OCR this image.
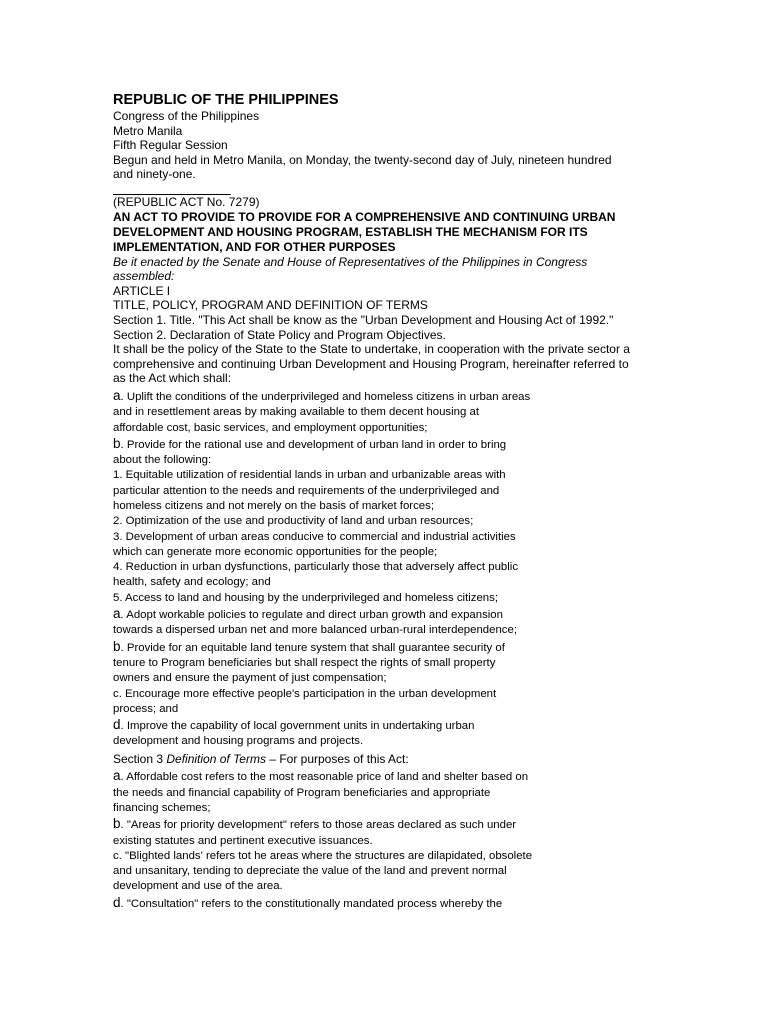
REPUBLIC OF THE PHILIPPINES

Congress of the Philippines

Metro Manila

Fifth Regular Session

Begun and held in Metro Manila, on Monday, the twenty-second day of July, nineteen hundred

and ninety-one.

(REPUBLIC ACT No. 7279)

AN ACT TO PROVIDE TO PROVIDE FOR A COMPREHENSIVE AND CONTINUING URBAN

DEVELOPMENT AND HOUSING PROGRAM, ESTABLISH THE MECHANISM FOR ITS

IMPLEMENTATION, AND FOR OTHER PURPOSES

Be it enacted by the Senate and House of Representatives of the Philippines in Congress

assembled:

ARTICLE I

TITLE, POLICY, PROGRAM AND DEFINITION OF TERMS

Section 1. Title. "This Act shall be know as the "Urban Development and Housing Act of 1992."

Section 2. Declaration of State Policy and Program Objectives.

It shall be the policy of the State to the State to undertake, in cooperation with the private sector a

comprehensive and continuing Urban Development and Housing Program, hereinafter referred to

as the Act which shall:

a. Uplift the conditions of the underprivileged and homeless citizens in urban areas

and in resettlement areas by making available to them decent housing at

affordable cost, basic services, and employment opportunities;

b. Provide for the rational use and development of urban land in order to bring

about the following:

1. Equitable utilization of residential lands in urban and urbanizable areas with

particular attention to the needs and requirements of the underprivileged and

homeless citizens and not merely on the basis of market forces;

2. Optimization of the use and productivity of land and urban resources;

3. Development of urban areas conducive to commercial and industrial activities

which can generate more economic opportunities for the people;

4. Reduction in urban dysfunctions, particularly those that adversely affect public

health, safety and ecology; and

5. Access to land and housing by the underprivileged and homeless citizens;

a. Adopt workable policies to regulate and direct urban growth and expansion

towards a dispersed urban net and more balanced urban-rural interdependence;

b. Provide for an equitable land tenure system that shall guarantee security of

tenure to Program beneficiaries but shall respect the rights of small property

owners and ensure the payment of just compensation;

c. Encourage more effective people's participation in the urban development

process; and

d. Improve the capability of local government units in undertaking urban

development and housing programs and projects.

Section 3 Definition of Terms – For purposes of this Act:

a. Affordable cost refers to the most reasonable price of land and shelter based on

the needs and financial capability of Program beneficiaries and appropriate

financing schemes;

b. "Areas for priority development" refers to those areas declared as such under

existing statutes and pertinent executive issuances.

c. "Blighted lands' refers tot he areas where the structures are dilapidated, obsolete

and unsanitary, tending to depreciate the value of the land and prevent normal

development and use of the area.

d. "Consultation" refers to the constitutionally mandated process whereby the
